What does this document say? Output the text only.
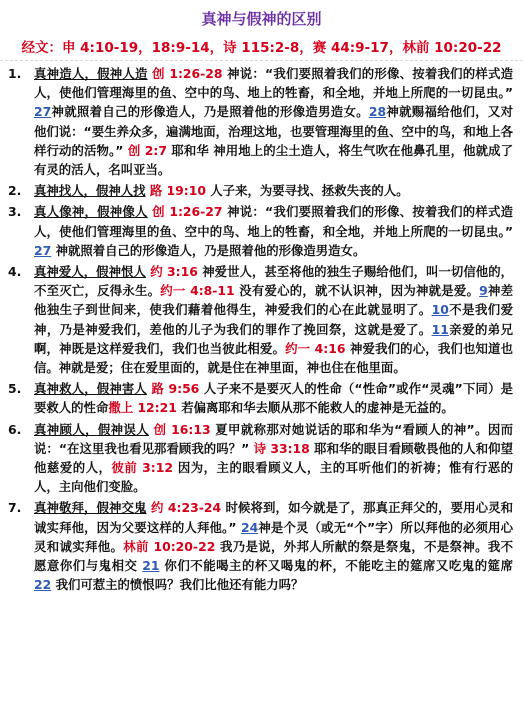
真神与假神的区别
经文：申 4:10-19，18:9-14，诗 115:2-8，赛 44:9-17，林前 10:20-22
1.	真神造人，假神人造 创 1:26-28 神说：“我们要照着我们的形像、按着我们的样式造人，使他们管理海里的鱼、空中的鸟、地上的牲畜，和全地，并地上所爬的一切昆虫。” 27神就照着自己的形像造人，乃是照着他的形像造男造女。28神就赐福给他们，又对他们说：“要生养众多，遍满地面，治理这地，也要管理海里的鱼、空中的鸟，和地上各样行动的活物。” 创 2:7 耶和华 神用地上的尘土造人，将生气吹在他鼻孔里，他就成了有灵的活人，名叫亚当。
2.	真神找人，假神人找 路 19:10 人子来，为要寻找、拯救失丧的人。
3.	真人像神，假神像人 创 1:26-27 神说：“我们要照着我们的形像、按着我们的样式造人，使他们管理海里的鱼、空中的鸟、地上的牲畜，和全地，并地上所爬的一切昆虫。” 27 神就照着自己的形像造人，乃是照着他的形像造男造女。
4.	真神爱人，假神恨人 约 3:16 神爱世人，甚至将他的独生子赐给他们，叫一切信他的，不至灭亡，反得永生。约一 4:8-11 没有爱心的，就不认识神，因为神就是爱。9神差他独生子到世间来，使我们藉着他得生，神爱我们的心在此就显明了。10不是我们爱神，乃是神爱我们，差他的儿子为我们的罪作了挽回祭，这就是爱了。11亲爱的弟兄啊，神既是这样爱我们，我们也当彼此相爱。约一 4:16 神爱我们的心，我们也知道也信。神就是爱；住在爱里面的，就是住在神里面，神也住在他里面。
5.	真神救人，假神害人 路 9:56 人子来不是要灭人的性命（“性命”或作“灵魂”下同）是要救人的性命撒上 12:21 若偏离耶和华去顺从那不能救人的虚神是无益的。
6.	真神顾人，假神误人 创 16:13 夏甲就称那对她说话的耶和华为“看顾人的神”。因而说：“在这里我也看见那看顾我的吗？” 诗 33:18 耶和华的眼目看顾敬畏他的人和仰望他慈爱的人，彼前 3:12 因为，主的眼看顾义人，主的耳听他们的祈祷；惟有行恶的人，主向他们变脸。
7.	真神敬拜，假神交鬼 约 4:23-24 时候将到，如今就是了，那真正拜父的，要用心灵和诚实拜他，因为父要这样的人拜他。” 24神是个灵（或无“个”字）所以拜他的必须用心灵和诚实拜他。林前 10:20-22 我乃是说，外邦人所献的祭是祭鬼，不是祭神。我不愿意你们与鬼相交 21 你们不能喝主的杯又喝鬼的杯，不能吃主的筵席又吃鬼的筵席 22 我们可惹主的愤恨吗？我们比他还有能力吗？
